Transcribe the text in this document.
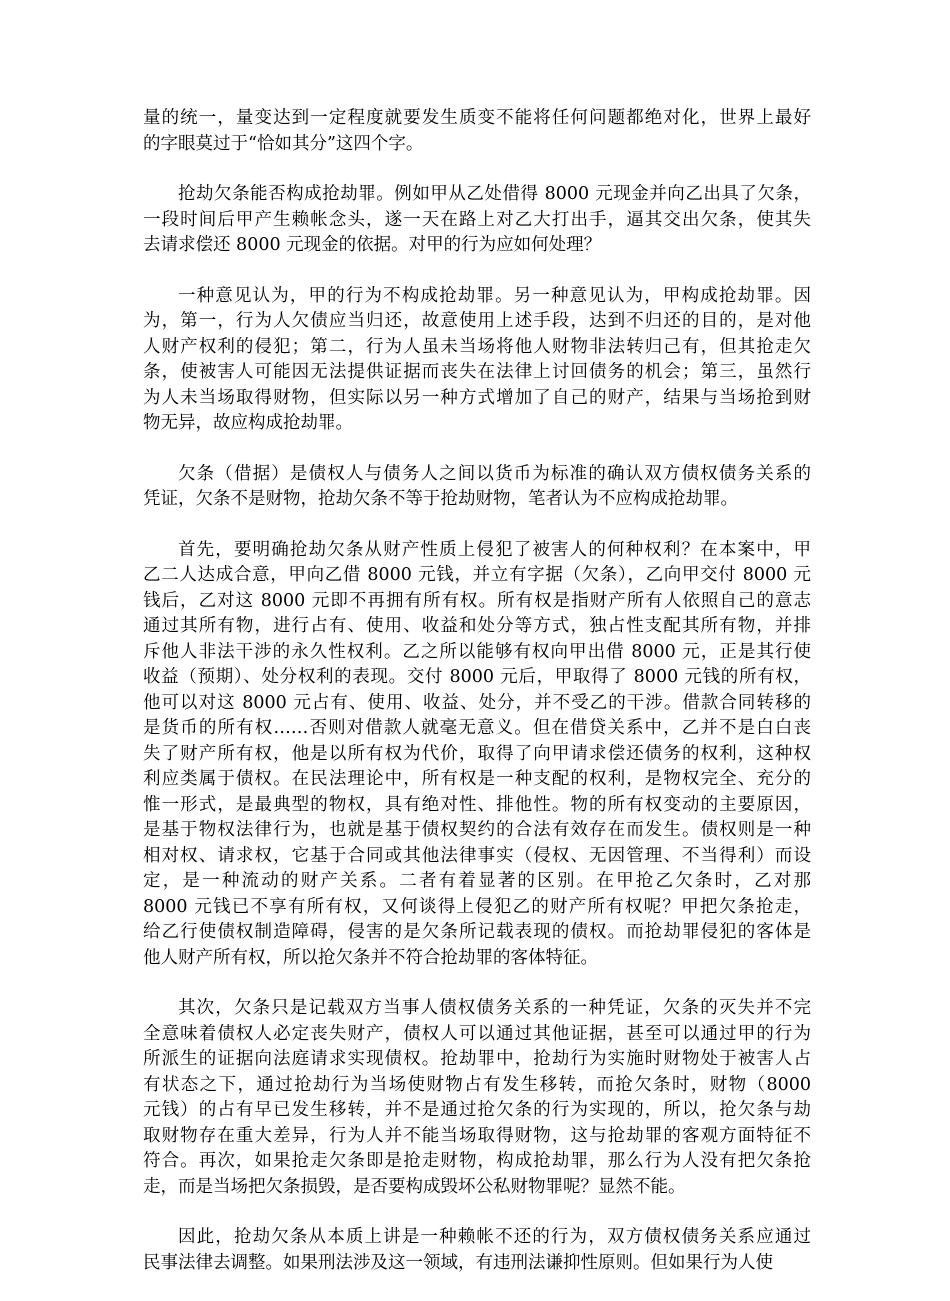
量的统一，量变达到一定程度就要发生质变不能将任何问题都绝对化，世界上最好
的字眼莫过于“恰如其分”这四个字。

抢劫欠条能否构成抢劫罪。例如甲从乙处借得 8000 元现金并向乙出具了欠条，
一段时间后甲产生赖帐念头，遂一天在路上对乙大打出手，逼其交出欠条，使其失
去请求偿还 8000 元现金的依据。对甲的行为应如何处理？

一种意见认为，甲的行为不构成抢劫罪。另一种意见认为，甲构成抢劫罪。因
为，第一，行为人欠债应当归还，故意使用上述手段，达到不归还的目的，是对他
人财产权利的侵犯；第二，行为人虽未当场将他人财物非法转归己有，但其抢走欠
条，使被害人可能因无法提供证据而丧失在法律上讨回债务的机会；第三，虽然行
为人未当场取得财物，但实际以另一种方式增加了自己的财产，结果与当场抢到财
物无异，故应构成抢劫罪。

欠条（借据）是债权人与债务人之间以货币为标准的确认双方债权债务关系的
凭证，欠条不是财物，抢劫欠条不等于抢劫财物，笔者认为不应构成抢劫罪。

首先，要明确抢劫欠条从财产性质上侵犯了被害人的何种权利？在本案中，甲
乙二人达成合意，甲向乙借 8000 元钱，并立有字据（欠条），乙向甲交付 8000 元
钱后，乙对这 8000 元即不再拥有所有权。所有权是指财产所有人依照自己的意志
通过其所有物，进行占有、使用、收益和处分等方式，独占性支配其所有物，并排
斥他人非法干涉的永久性权利。乙之所以能够有权向甲出借 8000 元，正是其行使
收益（预期）、处分权利的表现。交付 8000 元后，甲取得了 8000 元钱的所有权，
他可以对这 8000 元占有、使用、收益、处分，并不受乙的干涉。借款合同转移的
是货币的所有权……否则对借款人就毫无意义。但在借贷关系中，乙并不是白白丧
失了财产所有权，他是以所有权为代价，取得了向甲请求偿还债务的权利，这种权
利应类属于债权。在民法理论中，所有权是一种支配的权利，是物权完全、充分的
惟一形式，是最典型的物权，具有绝对性、排他性。物的所有权变动的主要原因，
是基于物权法律行为，也就是基于债权契约的合法有效存在而发生。债权则是一种
相对权、请求权，它基于合同或其他法律事实（侵权、无因管理、不当得利）而设
定，是一种流动的财产关系。二者有着显著的区别。在甲抢乙欠条时，乙对那
8000 元钱已不享有所有权，又何谈得上侵犯乙的财产所有权呢？甲把欠条抢走，
给乙行使债权制造障碍，侵害的是欠条所记载表现的债权。而抢劫罪侵犯的客体是
他人财产所有权，所以抢欠条并不符合抢劫罪的客体特征。

其次，欠条只是记载双方当事人债权债务关系的一种凭证，欠条的灭失并不完
全意味着债权人必定丧失财产，债权人可以通过其他证据，甚至可以通过甲的行为
所派生的证据向法庭请求实现债权。抢劫罪中，抢劫行为实施时财物处于被害人占
有状态之下，通过抢劫行为当场使财物占有发生移转，而抢欠条时，财物（8000
元钱）的占有早已发生移转，并不是通过抢欠条的行为实现的，所以，抢欠条与劫
取财物存在重大差异，行为人并不能当场取得财物，这与抢劫罪的客观方面特征不
符合。再次，如果抢走欠条即是抢走财物，构成抢劫罪，那么行为人没有把欠条抢
走，而是当场把欠条损毁，是否要构成毁坏公私财物罪呢？显然不能。

因此，抢劫欠条从本质上讲是一种赖帐不还的行为，双方债权债务关系应通过
民事法律去调整。如果刑法涉及这一领域，有违刑法谦抑性原则。但如果行为人使
